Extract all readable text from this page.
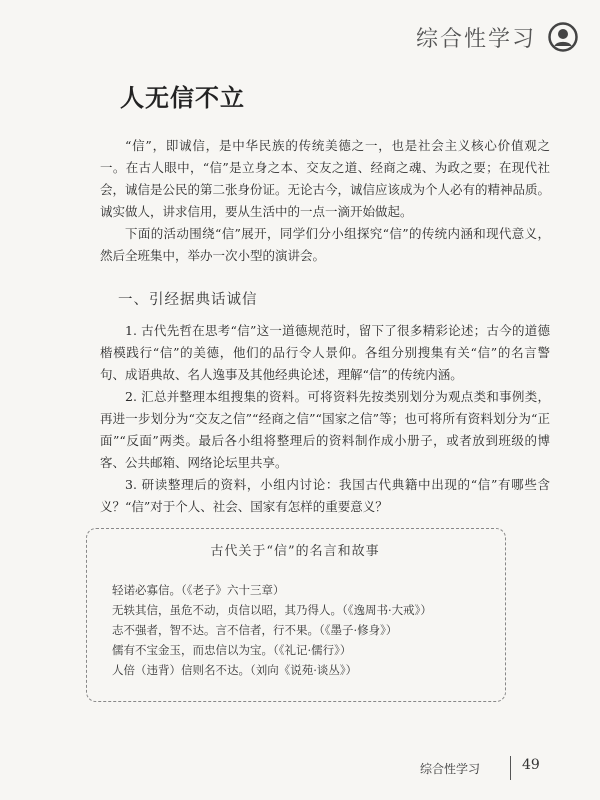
综合性学习
人无信不立

“信”，即诚信，是中华民族的传统美德之一，也是社会主义核心价值观之一。在古人眼中，“信”是立身之本、交友之道、经商之魂、为政之要；在现代社会，诚信是公民的第二张身份证。无论古今，诚信应该成为个人必有的精神品质。诚实做人，讲求信用，要从生活中的一点一滴开始做起。

下面的活动围绕“信”展开，同学们分小组探究“信”的传统内涵和现代意义，然后全班集中，举办一次小型的演讲会。

一、引经据典话诚信

1. 古代先哲在思考“信”这一道德规范时，留下了很多精彩论述；古今的道德楷模践行“信”的美德，他们的品行令人景仰。各组分别搜集有关“信”的名言警句、成语典故、名人逸事及其他经典论述，理解“信”的传统内涵。

2. 汇总并整理本组搜集的资料。可将资料先按类别划分为观点类和事例类，再进一步划分为“交友之信”“经商之信”“国家之信”等；也可将所有资料划分为“正面”“反面”两类。最后各小组将整理后的资料制作成小册子，或者放到班级的博客、公共邮箱、网络论坛里共享。

3. 研读整理后的资料，小组内讨论：我国古代典籍中出现的“信”有哪些含义？“信”对于个人、社会、国家有怎样的重要意义？

古代关于“信”的名言和故事
轻诺必寡信。（《老子》六十三章）
无轶其信，虽危不动，贞信以昭，其乃得人。（《逸周书·大戒》）
志不强者，智不达。言不信者，行不果。（《墨子·修身》）
儒有不宝金玉，而忠信以为宝。（《礼记·儒行》）
人倍（违背）信则名不达。（刘向《说苑·谈丛》）
综合性学习	49
